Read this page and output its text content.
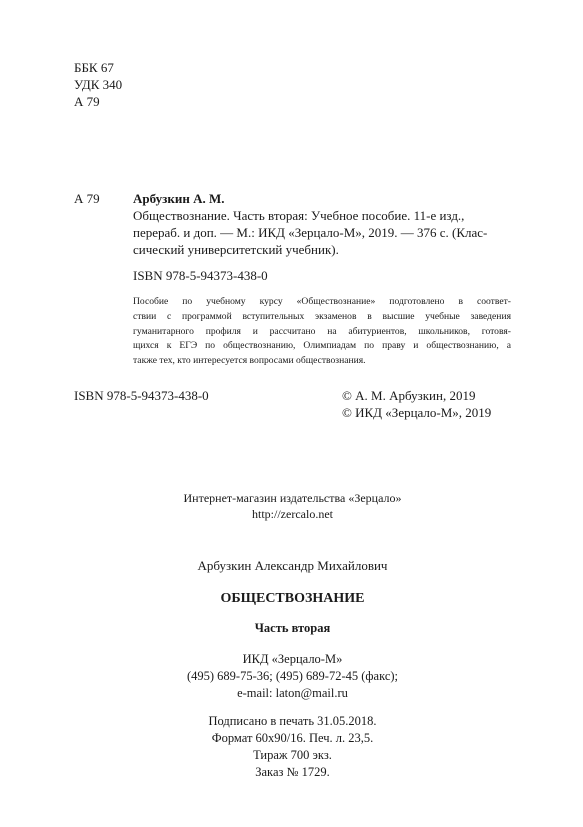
ББК 67
УДК 340
А 79
А 79	Арбузкин А. М.
Обществознание. Часть вторая: Учебное пособие. 11-е изд.,
перераб. и доп. — М.: ИКД «Зерцало-М», 2019. — 376 с. (Клас-
сический университетский учебник).
ISBN 978-5-94373-438-0
Пособие по учебному курсу «Обществознание» подготовлено в соответ-
ствии с программой вступительных экзаменов в высшие учебные заведения
гуманитарного профиля и рассчитано на абитуриентов, школьников, готовя-
щихся к ЕГЭ по обществознанию, Олимпиадам по праву и обществознанию, а
также тех, кто интересуется вопросами обществознания.
ISBN 978-5-94373-438-0	© А. М. Арбузкин, 2019
© ИКД «Зерцало-М», 2019
Интернет-магазин издательства «Зерцало»
http://zercalo.net
Арбузкин Александр Михайлович
ОБЩЕСТВОЗНАНИЕ
Часть вторая
ИКД «Зерцало-М»
(495) 689-75-36; (495) 689-72-45 (факс);
e-mail: laton@mail.ru
Подписано в печать 31.05.2018.
Формат 60x90/16. Печ. л. 23,5.
Тираж 700 экз.
Заказ № 1729.
